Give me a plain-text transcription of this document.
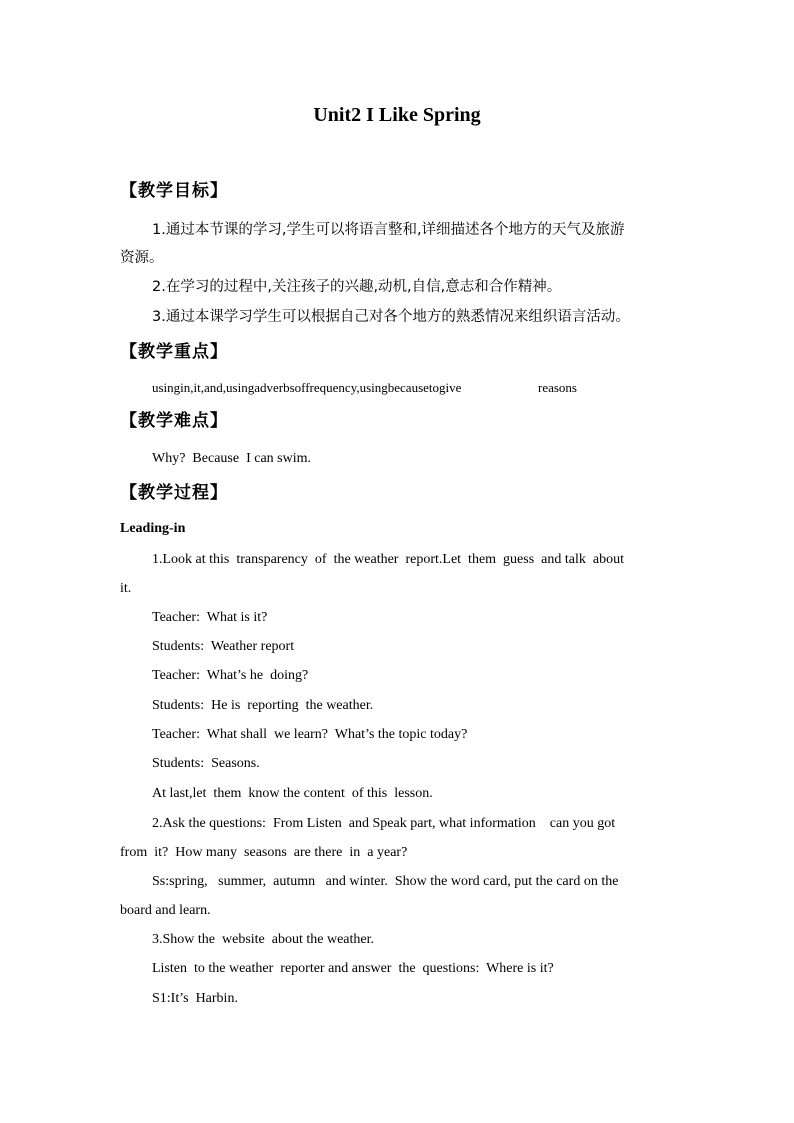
Unit2 I Like Spring
【教学目标】
1.通过本节课的学习,学生可以将语言整和,详细描述各个地方的天气及旅游
资源。
2.在学习的过程中,关注孩子的兴趣,动机,自信,意志和合作精神。
3.通过本课学习学生可以根据自己对各个地方的熟悉情况来组织语言活动。
【教学重点】
usingin,it,and,usingadverbsoffrequency,usingbecausetogive	reasons
【教学难点】
Why?  Because  I can swim.
【教学过程】
Leading-in
1.Look at this  transparency  of  the weather  report.Let  them  guess  and talk  about
it.
Teacher:  What is it?
Students:  Weather report
Teacher:  What’s he  doing?
Students:  He is  reporting  the weather.
Teacher:  What shall  we learn?  What’s the topic today?
Students:  Seasons.
At last,let  them  know the content  of this  lesson.
2.Ask the questions:  From Listen  and Speak part, what information    can you got
from  it?  How many  seasons  are there  in  a year?
Ss:spring,   summer,  autumn   and winter.  Show the word card, put the card on the
board and learn.
3.Show the  website  about the weather.
Listen  to the weather  reporter and answer  the  questions:  Where is it?
S1:It’s  Harbin.
